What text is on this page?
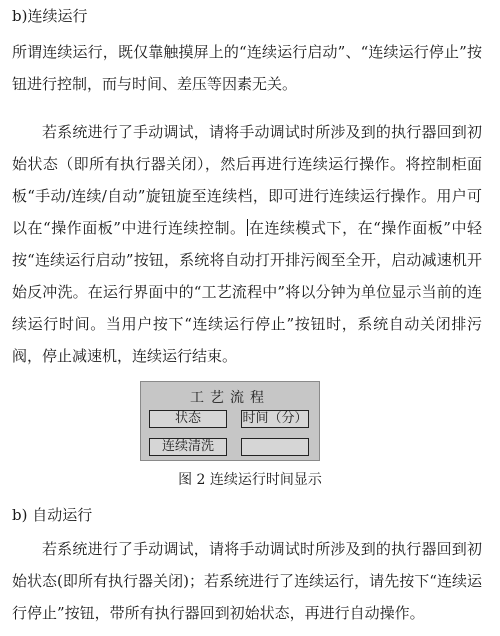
b)连续运行

所谓连续运行，既仅靠触摸屏上的“连续运行启动”、“连续运行停止”按钮进行控制，而与时间、差压等因素无关。

若系统进行了手动调试，请将手动调试时所涉及到的执行器回到初始状态（即所有执行器关闭），然后再进行连续运行操作。将控制柜面板“手动/连续/自动”旋钮旋至连续档，即可进行连续运行操作。用户可以在“操作面板”中进行连续控制。 在连续模式下，在“操作面板”中轻按“连续运行启动”按钮，系统将自动打开排污阀至全开，启动减速机开始反冲洗。在运行界面中的“工艺流程中”将以分钟为单位显示当前的连续运行时间。当用户按下“连续运行停止”按钮时，系统自动关闭排污阀，停止减速机，连续运行结束。

工艺流程
状态	时间（分）
连续清洗
图 2 连续运行时间显示
b) 自动运行

若系统进行了手动调试，请将手动调试时所涉及到的执行器回到初始状态(即所有执行器关闭)；若系统进行了连续运行，请先按下“连续运行停止”按钮，带所有执行器回到初始状态，再进行自动操作。
